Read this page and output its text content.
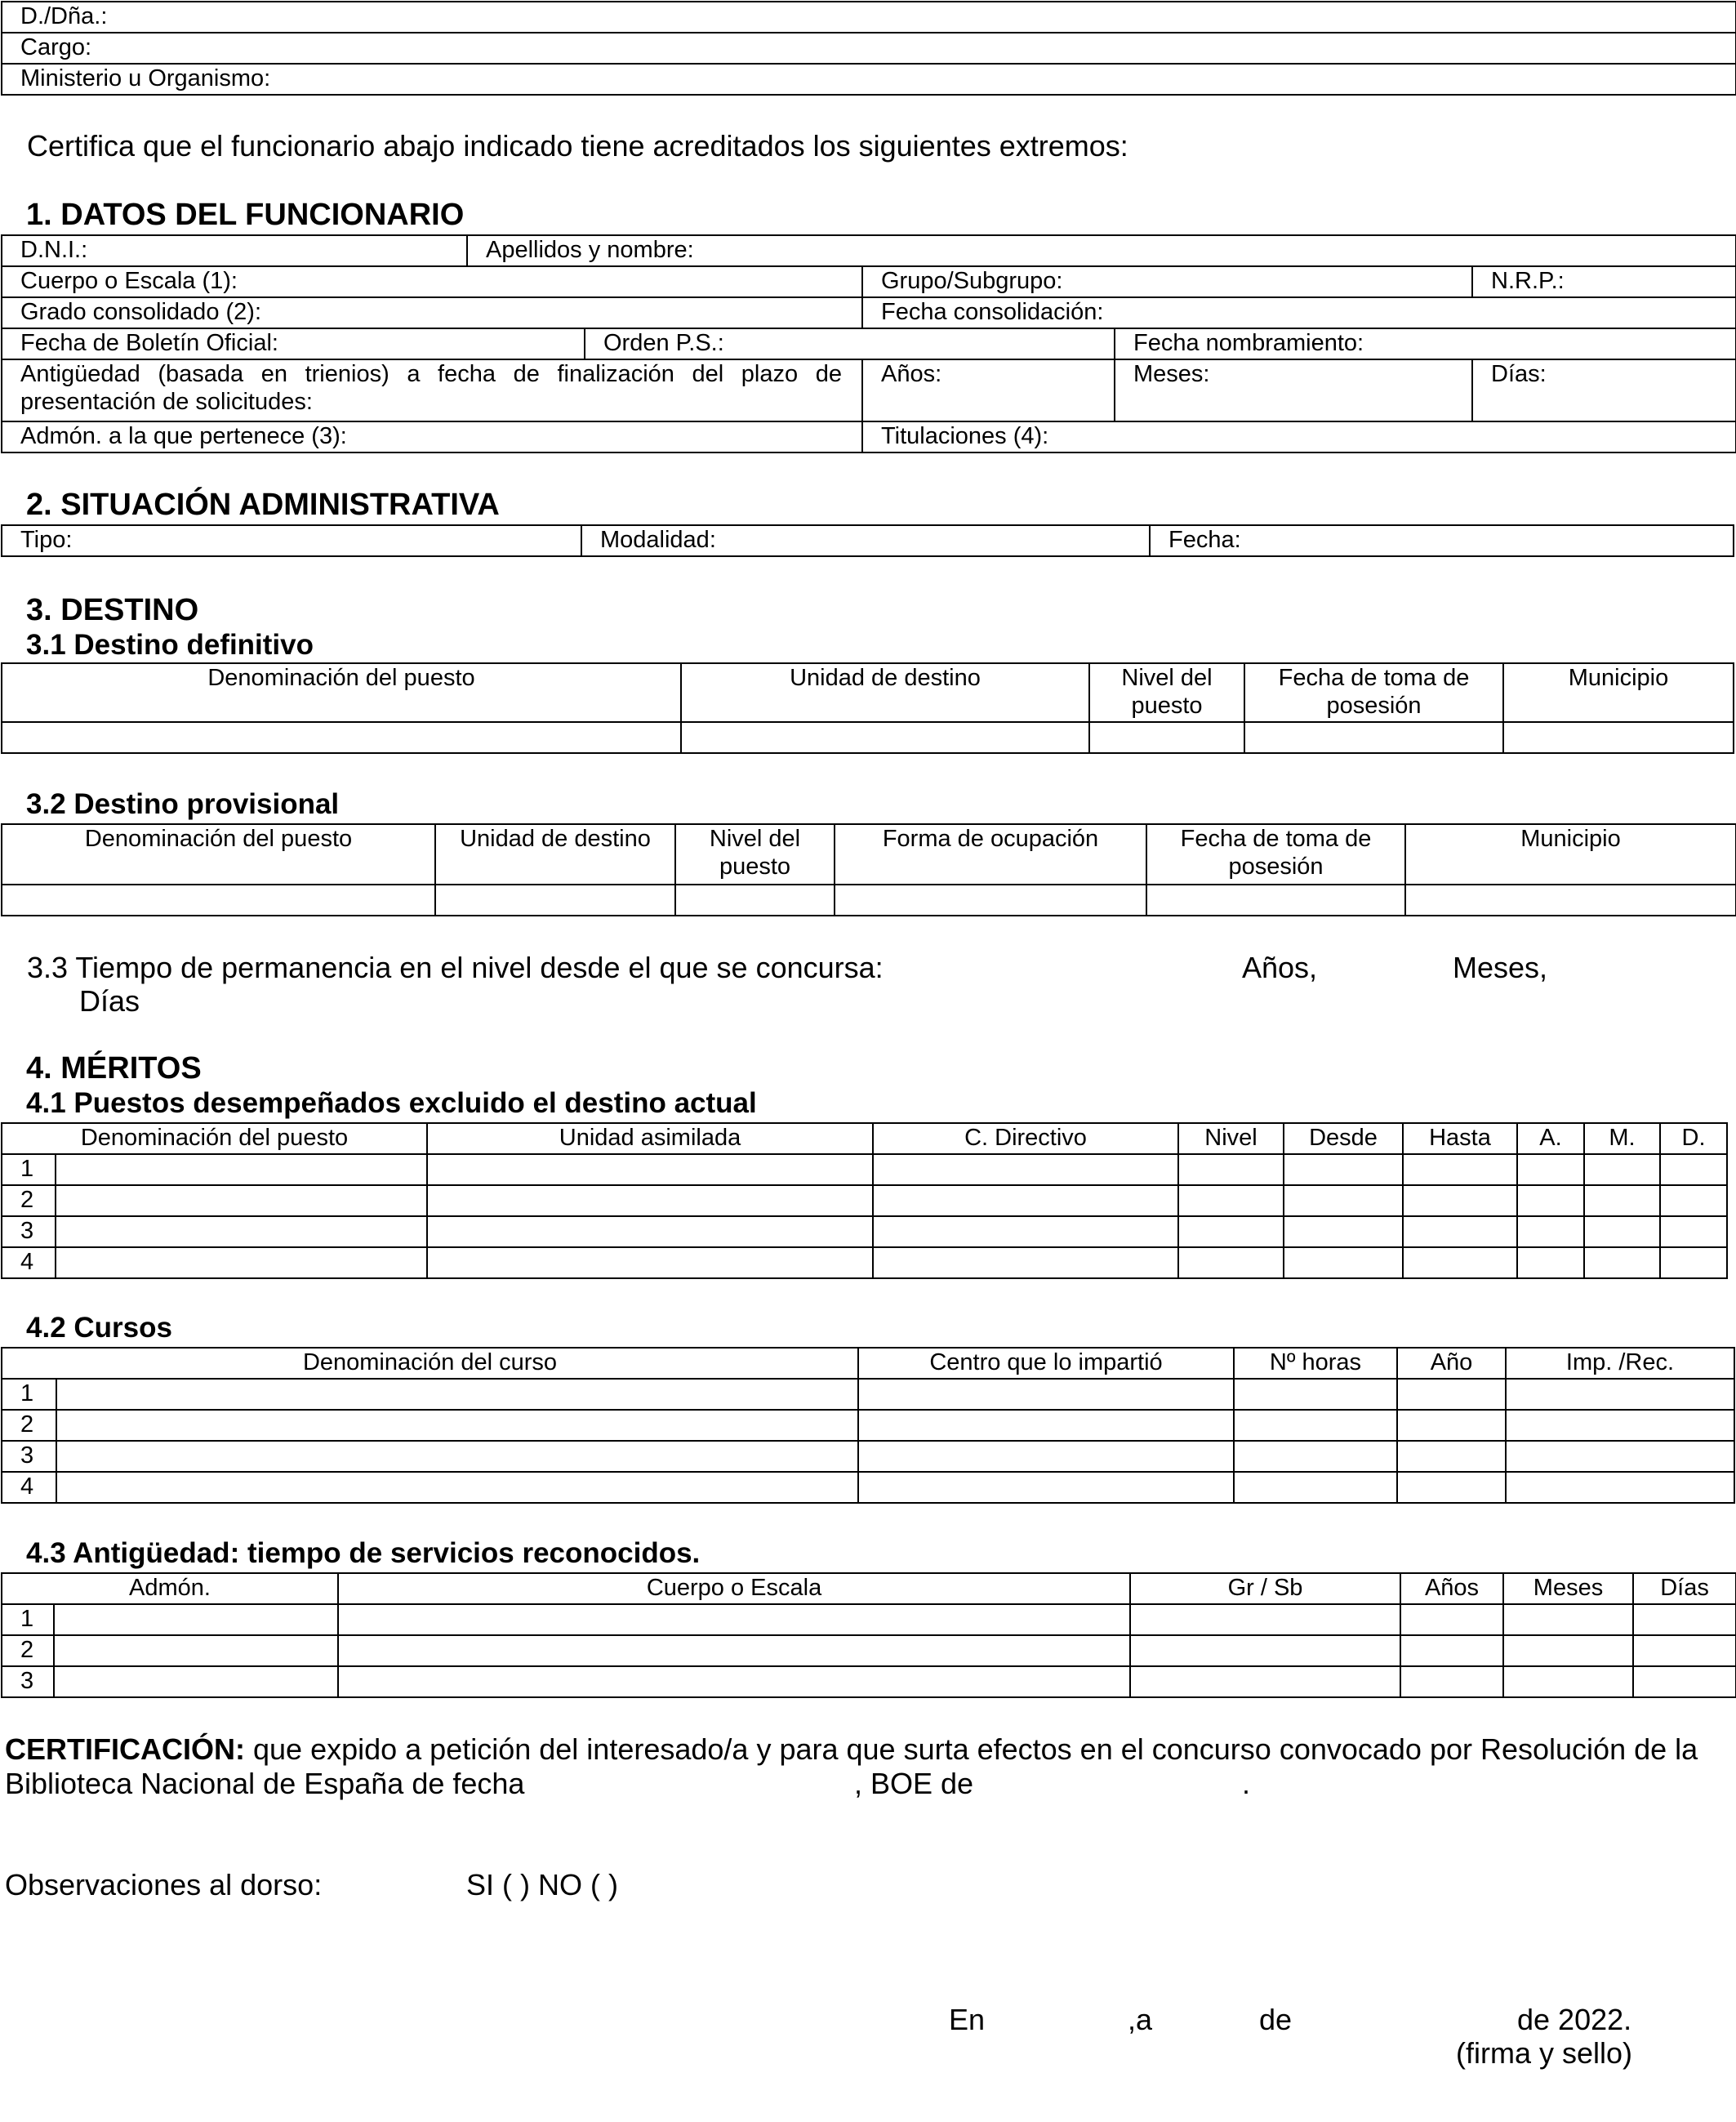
D./Dña.:
Cargo:
Ministerio u Organismo:
Certifica que el funcionario abajo indicado tiene acreditados los siguientes extremos:
1. DATOS DEL FUNCIONARIO
D.N.I.:	Apellidos y nombre:				
Cuerpo o Escala (1):			Grupo/Subgrupo:		N.R.P.:
Grado consolidado (2):			Fecha consolidación:		
Fecha de Boletín Oficial:		Orden P.S.:		Fecha nombramiento:	
Antigüedad (basada en trienios) a fecha de finalización del plazo de presentación de solicitudes:			Años:	Meses:	Días:
Admón. a la que pertenece (3):			Titulaciones (4):		
2. SITUACIÓN ADMINISTRATIVA
Tipo:	Modalidad:	Fecha:
3. DESTINO
3.1 Destino definitivo
Denominación del puesto	Unidad de destino	Nivel del puesto	Fecha de toma de posesión	Municipio

3.2 Destino provisional
Denominación del puesto	Unidad de destino	Nivel del puesto	Forma de ocupación	Fecha de toma de posesión	Municipio

3.3 Tiempo de permanencia en el nivel desde el que se concursa:	Años,	Meses,
Días
4. MÉRITOS
4.1 Puestos desempeñados excluido el destino actual
Denominación del puesto		Unidad asimilada	C. Directivo	Nivel	Desde	Hasta	A.	M.	D.
1									
2									
3									
4									
4.2 Cursos
Denominación del curso		Centro que lo impartió	Nº horas	Año	Imp. /Rec.
1					
2					
3					
4					
4.3 Antigüedad: tiempo de servicios reconocidos.
Admón.		Cuerpo o Escala	Gr / Sb	Años	Meses	Días
1						
2						
3						
CERTIFICACIÓN: que expido a petición del interesado/a y para que surta efectos en el concurso convocado por Resolución de la
Biblioteca Nacional de España de fecha	, BOE de	.
Observaciones al dorso:	SI ( ) NO ( )
En	,a	de	de 2022.
(firma y sello)
